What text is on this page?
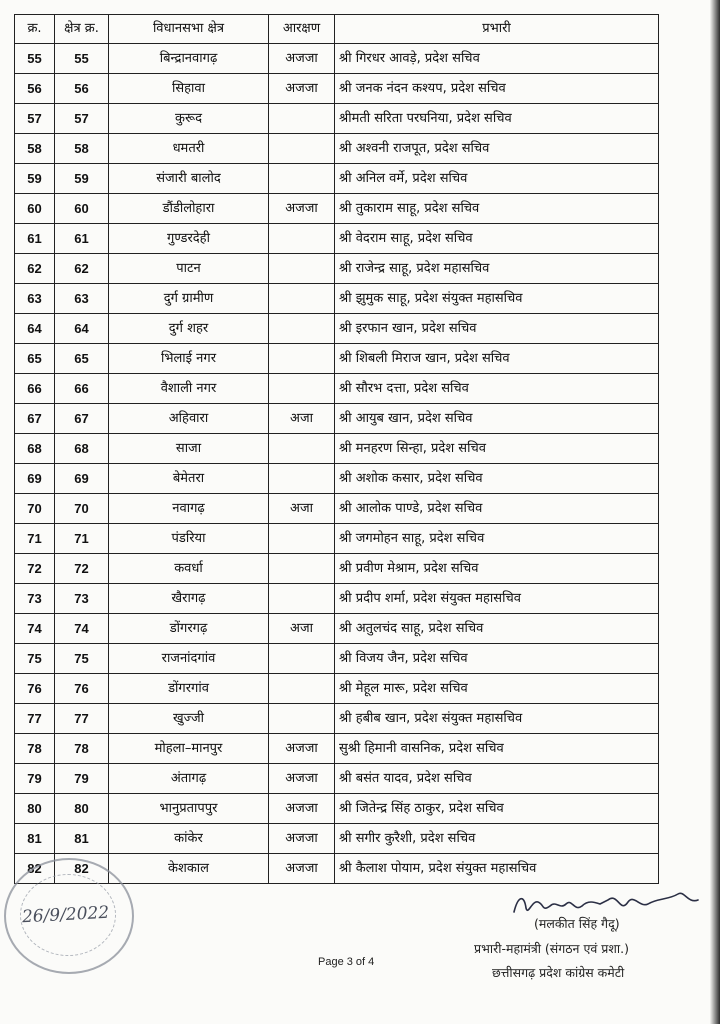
क्र.	क्षेत्र क्र.	विधानसभा क्षेत्र	आरक्षण	प्रभारी
55	55	बिन्द्रानवागढ़	अजजा	श्री गिरधर आवड़े, प्रदेश सचिव
56	56	सिहावा	अजजा	श्री जनक नंदन कश्यप, प्रदेश सचिव
57	57	कुरूद		श्रीमती सरिता परघनिया, प्रदेश सचिव
58	58	धमतरी		श्री अश्वनी राजपूत, प्रदेश सचिव
59	59	संजारी बालोद		श्री अनिल वर्मे, प्रदेश सचिव
60	60	डौंडीलोहारा	अजजा	श्री तुकाराम साहू, प्रदेश सचिव
61	61	गुण्डरदेही		श्री वेदराम साहू, प्रदेश सचिव
62	62	पाटन		श्री राजेन्द्र साहू, प्रदेश महासचिव
63	63	दुर्ग ग्रामीण		श्री झुमुक साहू, प्रदेश संयुक्त महासचिव
64	64	दुर्ग शहर		श्री इरफान खान, प्रदेश सचिव
65	65	भिलाई नगर		श्री शिबली मिराज खान, प्रदेश सचिव
66	66	वैशाली नगर		श्री सौरभ दत्ता, प्रदेश सचिव
67	67	अहिवारा	अजा	श्री आयुब खान, प्रदेश सचिव
68	68	साजा		श्री मनहरण सिन्हा, प्रदेश सचिव
69	69	बेमेतरा		श्री अशोक कसार, प्रदेश सचिव
70	70	नवागढ़	अजा	श्री आलोक पाण्डे, प्रदेश सचिव
71	71	पंडरिया		श्री जगमोहन साहू, प्रदेश सचिव
72	72	कवर्धा		श्री प्रवीण मेश्राम, प्रदेश सचिव
73	73	खैरागढ़		श्री प्रदीप शर्मा, प्रदेश संयुक्त महासचिव
74	74	डोंगरगढ़	अजा	श्री अतुलचंद साहू, प्रदेश सचिव
75	75	राजनांदगांव		श्री विजय जैन, प्रदेश सचिव
76	76	डोंगरगांव		श्री मेहूल मारू, प्रदेश सचिव
77	77	खुज्जी		श्री हबीब खान, प्रदेश संयुक्त महासचिव
78	78	मोहला–मानपुर	अजजा	सुश्री हिमानी वासनिक, प्रदेश सचिव
79	79	अंतागढ़	अजजा	श्री बसंत यादव, प्रदेश सचिव
80	80	भानुप्रतापपुर	अजजा	श्री जितेन्द्र सिंह ठाकुर, प्रदेश सचिव
81	81	कांकेर	अजजा	श्री सगीर कुरैशी, प्रदेश सचिव
82	82	केशकाल	अजजा	श्री कैलाश पोयाम, प्रदेश संयुक्त महासचिव
26/9/2022	(मलकीत सिंह गैदू)
प्रभारी-महामंत्री (संगठन एवं प्रशा.)
छत्तीसगढ़ प्रदेश कांग्रेस कमेटी
Page 3 of 4
